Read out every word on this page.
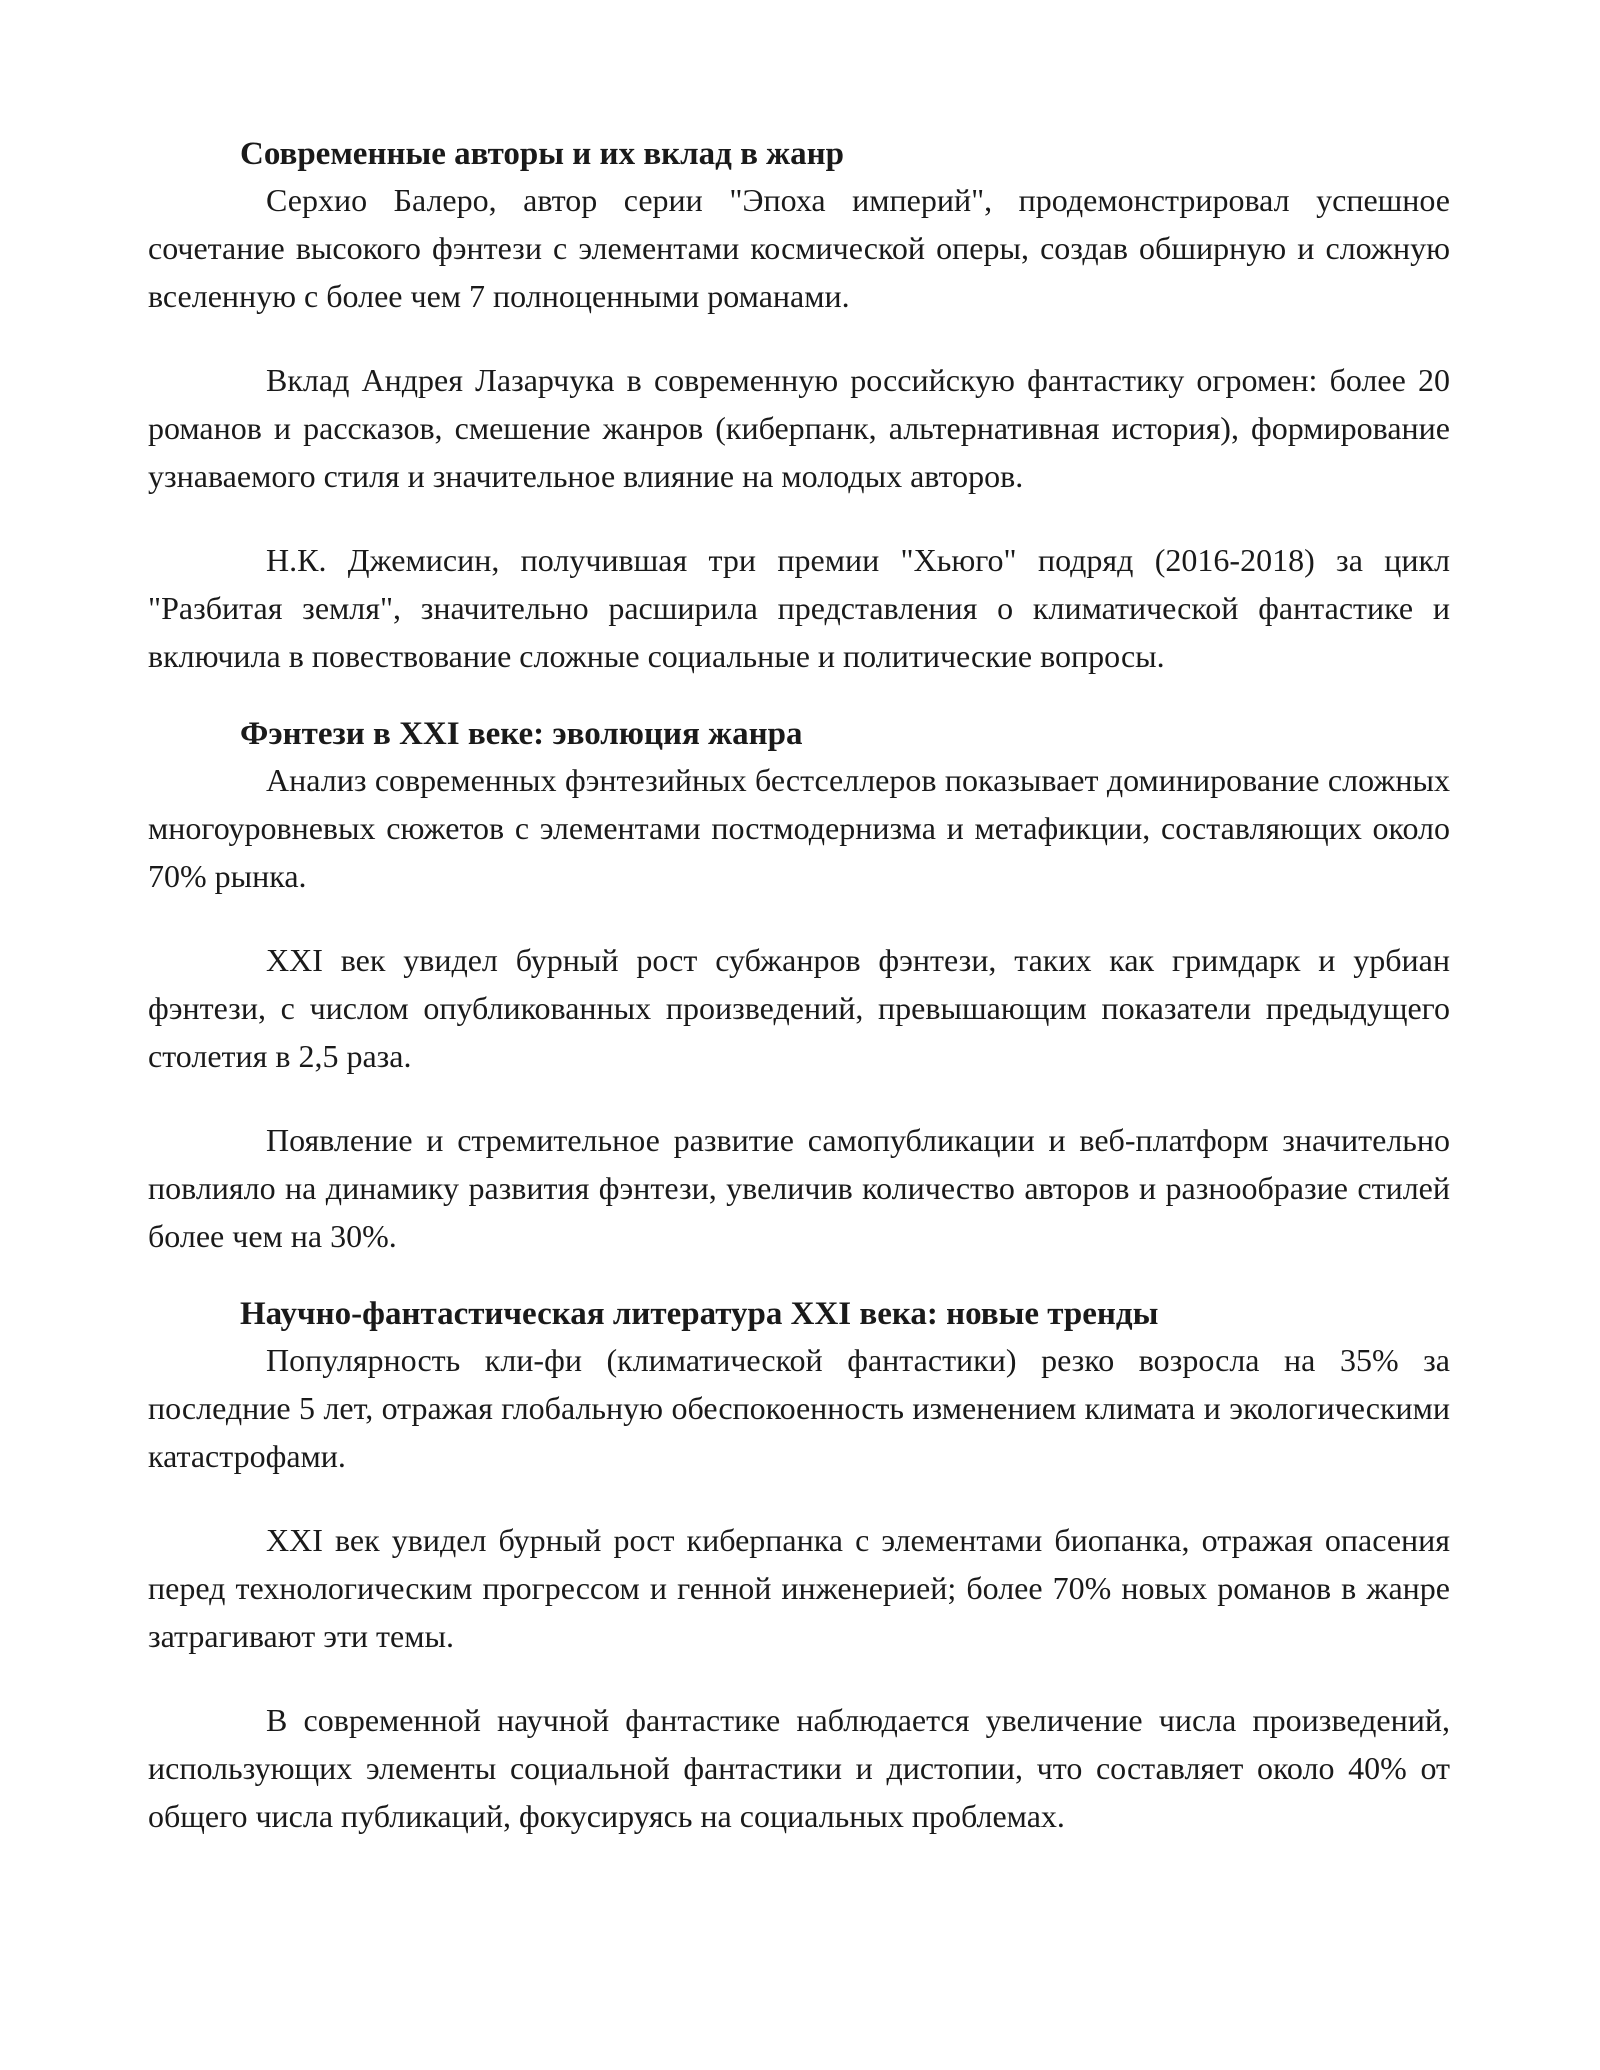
Современные авторы и их вклад в жанр

Серхио Балеро, автор серии "Эпоха империй", продемонстрировал успешное сочетание высокого фэнтези с элементами космической оперы, создав обширную и сложную вселенную с более чем 7 полноценными романами.

Вклад Андрея Лазарчука в современную российскую фантастику огромен: более 20 романов и рассказов, смешение жанров (киберпанк, альтернативная история), формирование узнаваемого стиля и значительное влияние на молодых авторов.

Н.К. Джемисин, получившая три премии "Хьюго" подряд (2016-2018) за цикл "Разбитая земля", значительно расширила представления о климатической фантастике и включила в повествование сложные социальные и политические вопросы.

Фэнтези в XXI веке: эволюция жанра

Анализ современных фэнтезийных бестселлеров показывает доминирование сложных многоуровневых сюжетов с элементами постмодернизма и метафикции, составляющих около 70% рынка.

XXI век увидел бурный рост субжанров фэнтези, таких как гримдарк и урбиан фэнтези, с числом опубликованных произведений, превышающим показатели предыдущего столетия в 2,5 раза.

Появление и стремительное развитие самопубликации и веб-платформ значительно повлияло на динамику развития фэнтези, увеличив количество авторов и разнообразие стилей более чем на 30%.

Научно-фантастическая литература XXI века: новые тренды

Популярность кли-фи (климатической фантастики) резко возросла на 35% за последние 5 лет, отражая глобальную обеспокоенность изменением климата и экологическими катастрофами.

XXI век увидел бурный рост киберпанка с элементами биопанка, отражая опасения перед технологическим прогрессом и генной инженерией; более 70% новых романов в жанре затрагивают эти темы.

В современной научной фантастике наблюдается увеличение числа произведений, использующих элементы социальной фантастики и дистопии, что составляет около 40% от общего числа публикаций, фокусируясь на социальных проблемах.
